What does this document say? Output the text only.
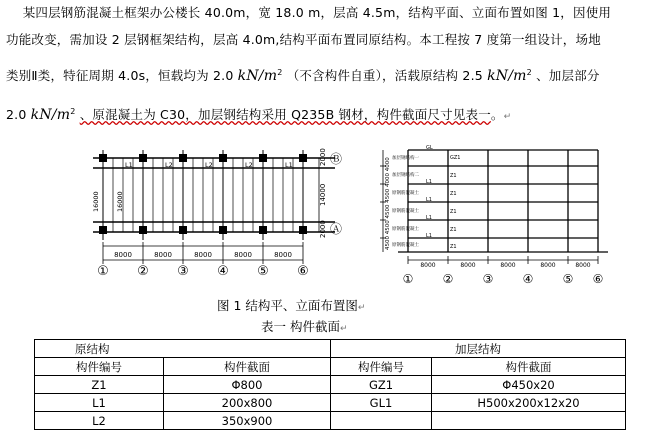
某四层钢筋混凝土框架办公楼长 40.0m，宽 18.0 m，层高 4.5m，结构平面、立面布置如图 1，因使用
功能改变，需加设 2 层钢框架结构，层高 4.0m,结构平面布置同原结构。本工程按 7 度第一组设计，场地
类别Ⅱ类，特征周期 4.0s，恒载均为 2.0 $kN/m^2$ （不含构件自重），活载原结构 2.5 $kN/m^2$ 、加层部分
2.0 $kN/m^2$ 、原混凝土为 C30，加层钢结构采用 Q235B 钢材，构件截面尺寸见表一。↵
L1	L2	L2	L2	L1
16000 16000
2000
14000
2000
Ⓑ
Ⓐ
8000	8000	8000	8000	8000
① ② ③ ④ ⑤ ⑥
4500 4500 4500 4500 4000 4000 加层钢结构一
加层钢结构二
原钢筋混凝土
原钢筋混凝土
原钢筋混凝土
原钢筋混凝土
GL
GZ1
Z1
L1
Z1
L1
Z1
L1
Z1
L1
Z1
8000	8000	8000	8000	8000
① ② ③ ④ ⑤ ⑥
图 1 结构平、立面布置图↵
表一 构件截面↵
原结构		加层结构	
构件编号	构件截面	构件编号	构件截面
Z1	Φ800	GZ1	Φ450x20
L1	200x800	GL1	H500x200x12x20
L2	350x900		
